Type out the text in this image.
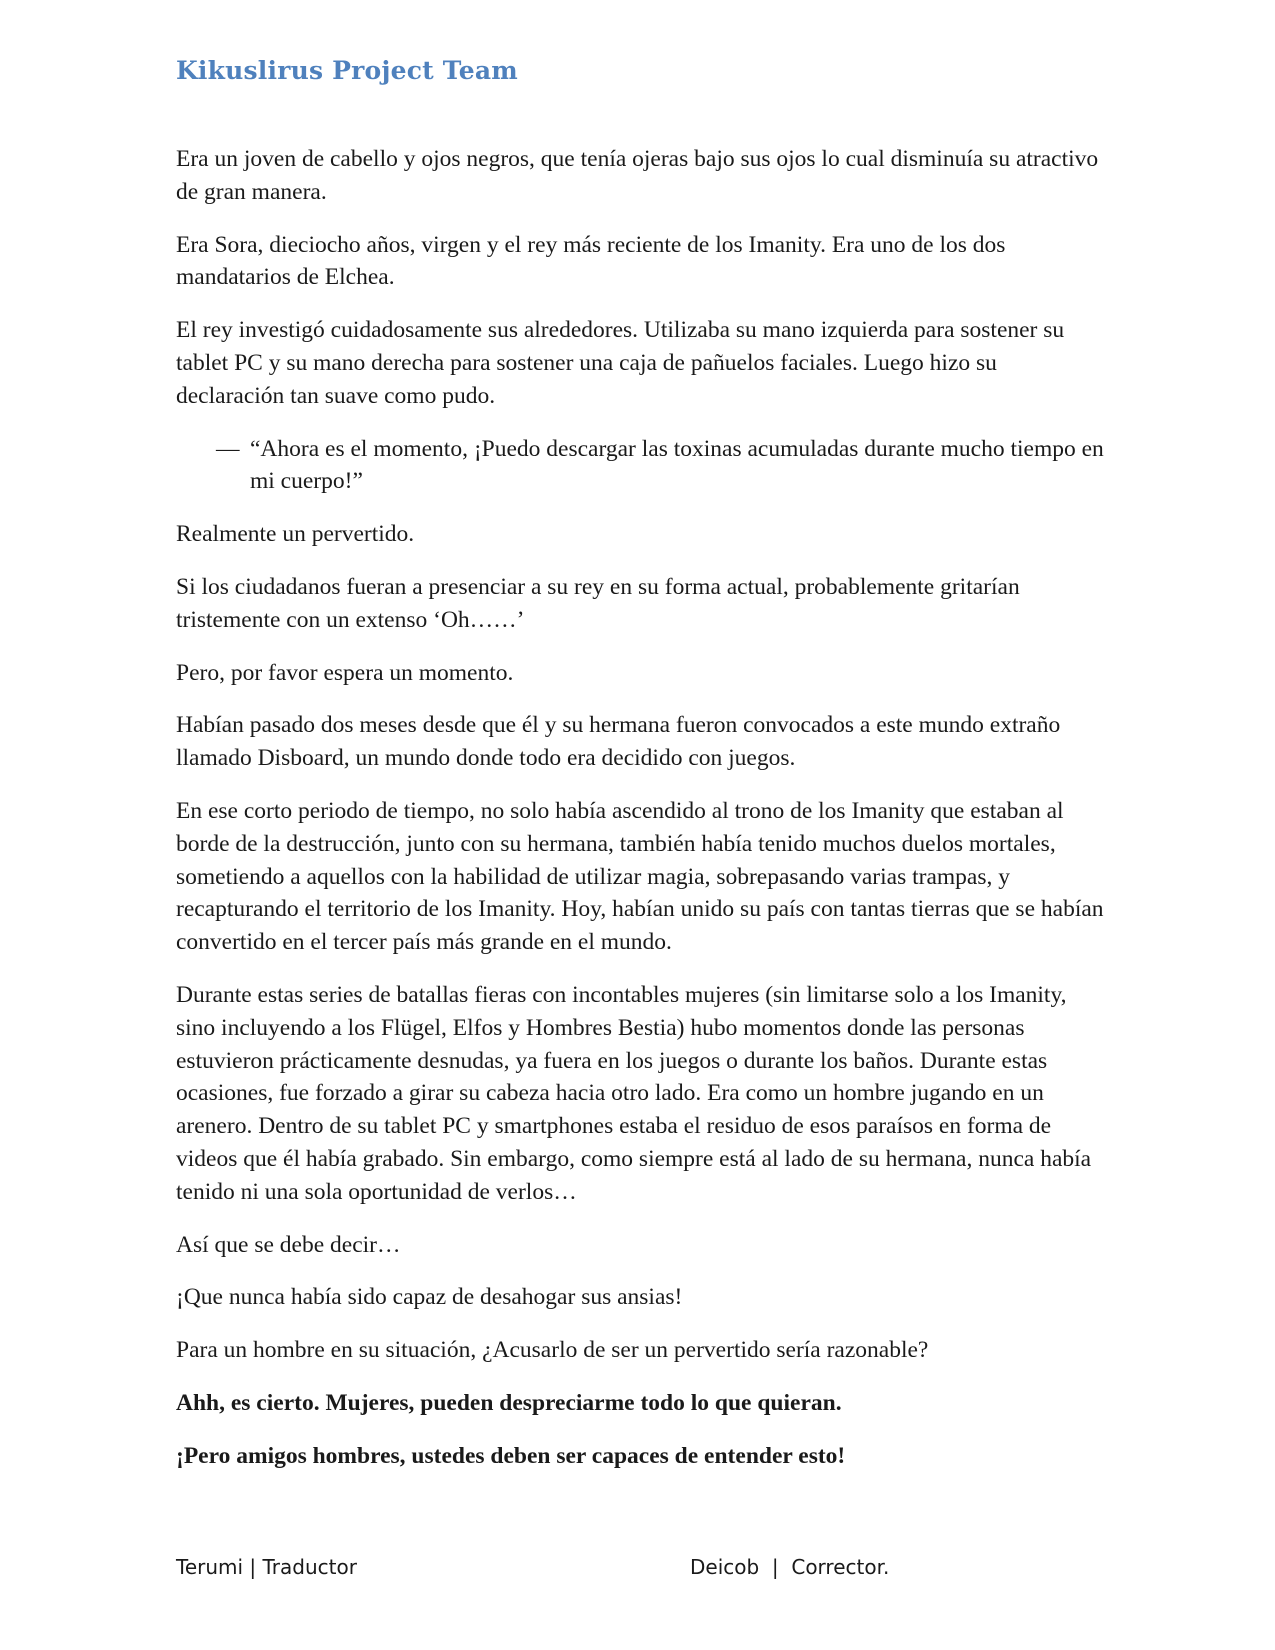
Kikuslirus Project Team

Era un joven de cabello y ojos negros, que tenía ojeras bajo sus ojos lo cual disminuía su atractivo de gran manera.

Era Sora, dieciocho años, virgen y el rey más reciente de los Imanity. Era uno de los dos mandatarios de Elchea.

El rey investigó cuidadosamente sus alrededores. Utilizaba su mano izquierda para sostener su tablet PC y su mano derecha para sostener una caja de pañuelos faciales. Luego hizo su declaración tan suave como pudo.

— “Ahora es el momento, ¡Puedo descargar las toxinas acumuladas durante mucho tiempo en mi cuerpo!”

Realmente un pervertido.

Si los ciudadanos fueran a presenciar a su rey en su forma actual, probablemente gritarían tristemente con un extenso ‘Oh……’

Pero, por favor espera un momento.

Habían pasado dos meses desde que él y su hermana fueron convocados a este mundo extraño llamado Disboard, un mundo donde todo era decidido con juegos.

En ese corto periodo de tiempo, no solo había ascendido al trono de los Imanity que estaban al borde de la destrucción, junto con su hermana, también había tenido muchos duelos mortales, sometiendo a aquellos con la habilidad de utilizar magia, sobrepasando varias trampas, y recapturando el territorio de los Imanity. Hoy, habían unido su país con tantas tierras que se habían convertido en el tercer país más grande en el mundo.

Durante estas series de batallas fieras con incontables mujeres (sin limitarse solo a los Imanity, sino incluyendo a los Flügel, Elfos y Hombres Bestia) hubo momentos donde las personas estuvieron prácticamente desnudas, ya fuera en los juegos o durante los baños. Durante estas ocasiones, fue forzado a girar su cabeza hacia otro lado. Era como un hombre jugando en un arenero. Dentro de su tablet PC y smartphones estaba el residuo de esos paraísos en forma de videos que él había grabado. Sin embargo, como siempre está al lado de su hermana, nunca había tenido ni una sola oportunidad de verlos…

Así que se debe decir…

¡Que nunca había sido capaz de desahogar sus ansias!

Para un hombre en su situación, ¿Acusarlo de ser un pervertido sería razonable?

Ahh, es cierto. Mujeres, pueden despreciarme todo lo que quieran.

¡Pero amigos hombres, ustedes deben ser capaces de entender esto!

Terumi | Traductor	Deicob  |  Corrector.
